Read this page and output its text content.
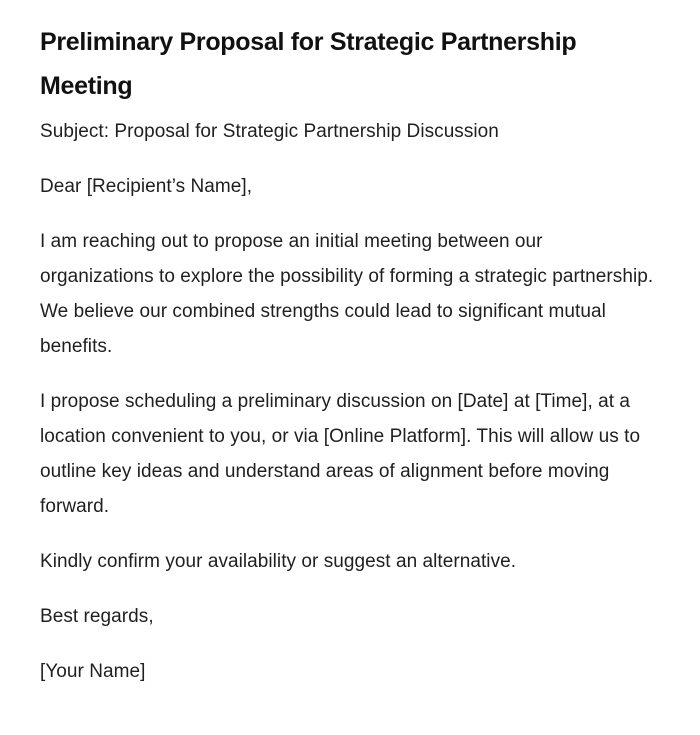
Preliminary Proposal for Strategic Partnership Meeting

Subject: Proposal for Strategic Partnership Discussion

Dear [Recipient’s Name],

I am reaching out to propose an initial meeting between our organizations to explore the possibility of forming a strategic partnership. We believe our combined strengths could lead to significant mutual benefits.

I propose scheduling a preliminary discussion on [Date] at [Time], at a location convenient to you, or via [Online Platform]. This will allow us to outline key ideas and understand areas of alignment before moving forward.

Kindly confirm your availability or suggest an alternative.

Best regards,

[Your Name]
